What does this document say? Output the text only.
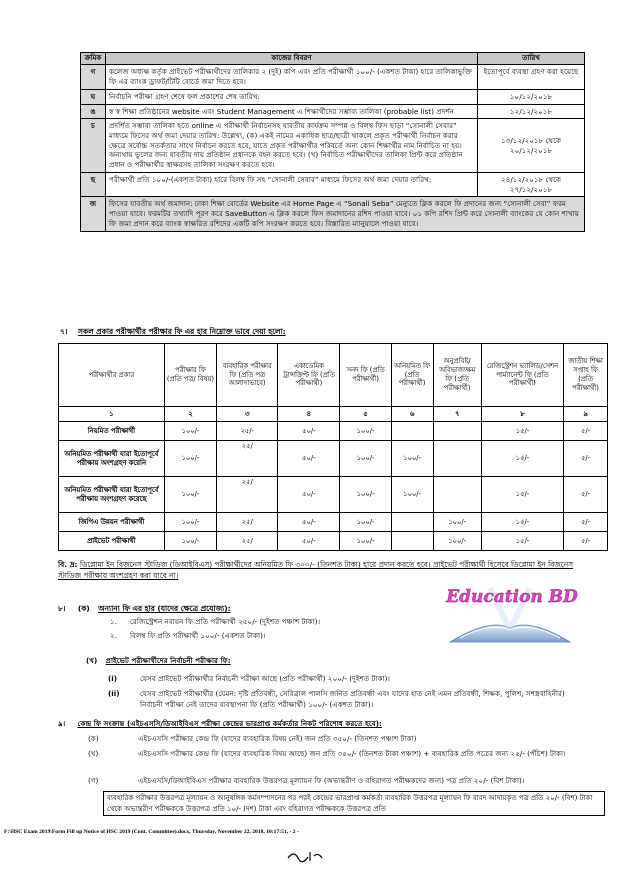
ক্রমিক	কাজের বিবরণ	তারিখ
গ	কলেজ অধ্যক্ষ কর্তৃক প্রাইভেট পরীক্ষার্থীদের তালিকার ২ (দুই) কপি এবং প্রতি পরীক্ষার্থী ১০০/- (একশত টাকা) হারে তালিকাভুক্তি ফি এর ব্যাংক ড্রাফট/টিটি বোর্ডে জমা দিতে হবে।	ইতোপূর্বে ব্যবস্থা গ্রহণ করা হয়েছে
ঘ	নির্বাচনি পরীক্ষা গ্রহণ শেষে ফল প্রকাশের শেষ তারিখ:	১০/১২/২০১৮
ঙ	স্ব স্ব শিক্ষা প্রতিষ্ঠানের website এবং Student Management এ শিক্ষার্থীদের সম্ভাব্য তালিকা (probable list) প্রদর্শন	১২/১২/২০১৮
চ	প্রদর্শিত সম্ভাব্য তালিকা হতে online এ পরীক্ষার্থী নির্বাচনসহ যাবতীয় কার্যক্রম সম্পন্ন ও বিলম্ব ফিস ছাড়া “সোনালী সেবার” মাধ্যমে ফিসের অর্থ জমা দেয়ার তারিখ: উল্লেখ্য, (ক) একই নামের একাধিক ছাত্র/ছাত্রী থাকলে প্রকৃত পরীক্ষার্থী নির্বাচন করার ক্ষেত্রে সর্বোচ্চ সতর্কতার সাথে নির্বাচন করতে হবে, যাতে প্রকৃত পরীক্ষার্থীর পরিবর্তে অন্য কোন শিক্ষার্থীর নাম নির্বাচিত না হয়। অন্যথায় ভুলের জন্য যাবতীয় দায় প্রতিষ্ঠান প্রধানকে বহন করতে হবে। (খ) নির্বাচিত পরীক্ষার্থীদের তালিকা প্রিন্ট করে প্রতিষ্ঠান প্রধান ও পরীক্ষার্থীর স্বাক্ষরসহ তালিকা সংরক্ষণ করতে হবে।	১৩/১২/২০১৮ থেকে ২০/১২/২০১৮
ছ	পরীক্ষার্থী প্রতি ১০০/-(একশত টাকা) হারে বিলম্ব ফি সহ “সোনালী সেবার” মাধ্যমে ফিসের অর্থ জমা দেয়ার তারিখ:	২৪/১২/২০১৮ থেকে ২৭/১২/২০১৮
জ	ফিসের যাবতীয় অর্থ জমাদান: ঢাকা শিক্ষা বোর্ডের Website এর Home Page এ “Sonali Seba” মেন্যুতে ক্লিক করলে ফি প্রদানের জন্য “সোনালী সেবা” ফরম পাওয়া যাবে। ফরমটির তথ্যাদি পূরণ করে SaveButton এ ক্লিক করলে ফিস জমাদানের রশিদ পাওয়া যাবে। ০১ কপি রশিদ প্রিন্ট করে সোনালী ব্যাংকের যে কোন শাখায় ফি জমা প্রদান করে ব্যাংক স্বাক্ষরিত রশিদের একটি কপি সংরক্ষণ করতে হবে। বিস্তারিত ম্যানুয়ালে পাওয়া যাবে।	
৭। সকল প্রকার পরীক্ষার্থীর পরীক্ষার ফি এর হার নিম্নোক্ত ভাবে দেয়া হলো:
পরীক্ষার্থীর প্রকার	পরীক্ষার ফি (প্রতি পত্র/ বিষয়)	ব্যবহারিক পরীক্ষার ফি (প্রতি পত্র আলাদাভাবে)	একাডেমিক ট্রান্সক্রিপ্ট ফি (প্রতি পরীক্ষার্থী)	সনদ ফি (প্রতি পরীক্ষার্থী)	অনিয়মিত ফি (প্রতি পরীক্ষার্থী)	অনুপ্রবিষ্ট/ অবিভাজ্যক্ষম ফি (প্রতি পরীক্ষার্থী)	রেজিস্ট্রেশন ভ্যালিড/সেশন পার্ম্যানেন্ট ফি (প্রতি পরীক্ষার্থী)	জাতীয় শিক্ষা সপ্তাহ ফি (প্রতি পরীক্ষার্থী)
১	২	৩	৪	৫	৬	৭	৮	৯
নিয়মিত পরীক্ষার্থী	১০০/-	২৫/-	৫০/-	১০০/-			১৫/-	৫/-
অনিয়মিত পরীক্ষার্থী যারা ইতোপূর্বে পরীক্ষায় অংশগ্রহণ করেনি	১০০/-	২৫/	৫০/-	১০০/-	১০০/-		১৫/-	৫/-
অনিয়মিত পরীক্ষার্থী যারা ইতোপূর্বে পরীক্ষায় অংশগ্রহণ করেছে	১০০/-	২৫/	৫০/-	১০০/-	১০০/-		১৫/-	৫/-
জিপিএ উন্নয়ন পরীক্ষার্থী	১০০/-	২৫/	৫০/-	১০০/-		১০০/-	১৫/-	৫/-
প্রাইভেট পরীক্ষার্থী	১০০/-	২৫/	৫০/-	১০০/-		১০০/-	১৫/-	৫/-
বি. দ্র: ডিপ্লোমা ইন বিজনেস স্টাডিজ (ডিআইবিএস) পরীক্ষার্থীদের অনিয়মিত ফি ৩০০/- (তিনশত টাকা) হারে প্রদান করতে হবে। প্রাইভেট পরীক্ষার্থী হিসেবে ডিপ্লোমা ইন বিজনেস স্টাডিজ পরীক্ষায় অংশগ্রহণ করা যাবে না।
Education BD
৮। (ক) অন্যান্য ফি এর হার (যাদের ক্ষেত্রে প্রযোজ্য):
১. রেজিস্ট্রেশন নবায়ন ফি প্রতি পরীক্ষার্থী ২৫০/- (দুইশত পঞ্চাশ টাকা)।
২. বিলম্ব ফি প্রতি পরীক্ষার্থী ১০০/- (একশত টাকা)।
(খ) প্রাইভেট পরীক্ষার্থীদের নির্বাচনী পরীক্ষার ফি:
(i)	যেসব প্রাইভেট পরীক্ষার্থীর নির্বাচনী পরীক্ষা আছে (প্রতি পরীক্ষার্থী) ২০০/- (দুইশত টাকা)।
(ii)	যেসব প্রাইভেট পরীক্ষার্থীর (যেমন: দৃষ্টি প্রতিবন্ধী, সেরিব্রাল পালসি জনিত প্রতিবন্ধী এবং যাদের হাত নেই এমন প্রতিবন্ধী, শিক্ষক, পুলিশ, সশস্ত্রবাহিনীর) নির্বাচনী পরীক্ষা নেই তাদের ব্যবস্থাপনা ফি (প্রতি পরীক্ষার্থী) ১০০/- (একশত টাকা)।
৯। কেন্দ্র ফি সংক্রান্ত (এইচএসসি/ডিআইবিএস পরীক্ষা কেন্দ্রের ভারপ্রাপ্ত কর্মকর্তার নিকট পরিশোধ করতে হবে):
(ক)	এইচএসসি পরীক্ষার কেন্দ্র ফি (যাদের ব্যবহারিক বিষয় নেই) জন প্রতি ৩৫০/- (তিনশত পঞ্চাশ টাকা)
(খ)	এইচএসসি পরীক্ষার কেন্দ্র ফি (যাদের ব্যবহারিক বিষয় আছে) জন প্রতি ৩৫০/- (তিনশত টাকা পঞ্চাশ) + ব্যবহারিক প্রতি পত্রের জন্য ২৫/- (পঁচিশ) টাকা।
(গ)	এইচএসসি/ডিআইবিএস পরীক্ষার ব্যবহারিক উত্তরপত্র মূল্যায়ন ফি (অভ্যন্তরীণ ও বহিরাগত পরীক্ষকদের জন্য) পত্র প্রতি ২০/- (বিশ টাকা)।
ব্যবহারিক পরীক্ষার উত্তরপত্র মূল্যায়ন ও আনুষঙ্গিক কর্মসম্পাদনের পর পরই কেন্দ্রের ভারপ্রাপ্ত কর্মকর্তা ব্যবহারিক উত্তরপত্র মূল্যায়ন ফি বাবদ আদায়কৃত পত্র প্রতি ২০/- (বিশ) টাকা থেকে অভ্যন্তরীণ পরীক্ষককে উত্তরপত্র প্রতি ১০/- (দশ) টাকা এবং বহিরাগত পরীক্ষককে উত্তরপত্র প্রতি
F:\HSC Exam 2019\Form Fill up Notice of HSC 2019 (Cont. Committee).docx, Thursday, November 22, 2018, 10:17:51, - 2 -
